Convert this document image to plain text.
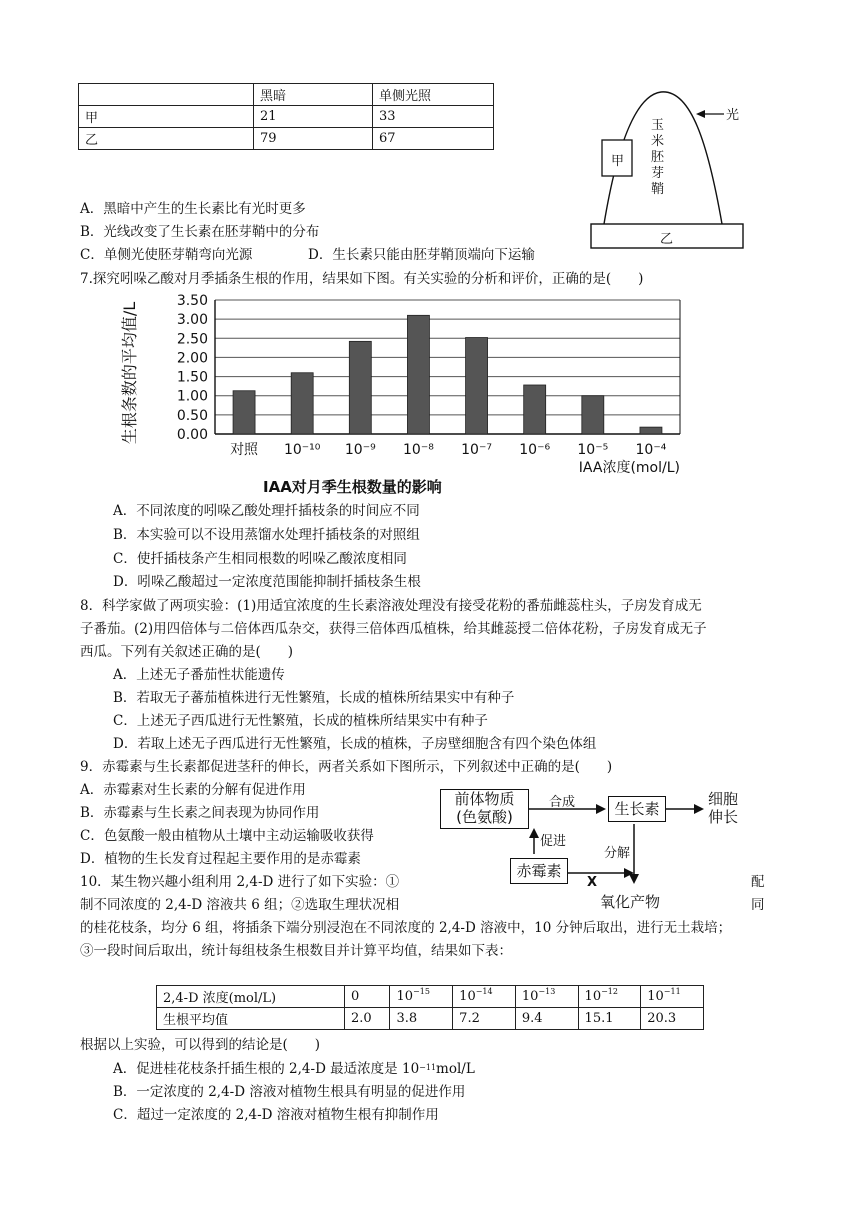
	黑暗	单侧光照
甲	21	33
乙	79	67
光
玉米胚芽鞘
甲
乙
A．黑暗中产生的生长素比有光时更多
B．光线改变了生长素在胚芽鞘中的分布
C．单侧光使胚芽鞘弯向光源	D．生长素只能由胚芽鞘顶端向下运输
7.探究吲哚乙酸对月季插条生根的作用，结果如下图。有关实验的分析和评价，正确的是(　　)
0.00
0.50
1.00
1.50
2.00
2.50
3.00
3.50
对照 10⁻¹⁰ 10⁻⁹ 10⁻⁸ 10⁻⁷ 10⁻⁶ 10⁻⁵ 10⁻⁴
生根条数的平均值/L
IAA浓度(mol/L)
IAA对月季生根数量的影响
A．不同浓度的吲哚乙酸处理扦插枝条的时间应不同
B．本实验可以不设用蒸馏水处理扦插枝条的对照组
C．使扦插枝条产生相同根数的吲哚乙酸浓度相同
D．吲哚乙酸超过一定浓度范围能抑制扦插枝条生根
8．科学家做了两项实验：(1)用适宜浓度的生长素溶液处理没有接受花粉的番茄雌蕊柱头，子房发育成无
子番茄。(2)用四倍体与二倍体西瓜杂交，获得三倍体西瓜植株，给其雌蕊授二倍体花粉，子房发育成无子
西瓜。下列有关叙述正确的是(　　)
A．上述无子番茄性状能遗传
B．若取无子蕃茄植株进行无性繁殖，长成的植株所结果实中有种子
C．上述无子西瓜进行无性繁殖，长成的植株所结果实中有种子
D．若取上述无子西瓜进行无性繁殖，长成的植株，子房壁细胞含有四个染色体组
9．赤霉素与生长素都促进茎秆的伸长，两者关系如下图所示，下列叙述中正确的是(　　)
A．赤霉素对生长素的分解有促进作用
B．赤霉素与生长素之间表现为协同作用
C．色氨酸一般由植物从土壤中主动运输吸收获得
D．植物的生长发育过程起主要作用的是赤霉素
前体物质
(色氨酸)
合成	生长素
细胞
伸长
促进
分解
赤霉素
X
氧化产物
10．某生物兴趣小组利用 2,4-D 进行了如下实验：①	配
制不同浓度的 2,4-D 溶液共 6 组；②选取生理状况相	同
的桂花枝条，均分 6 组，将插条下端分别浸泡在不同浓度的 2,4-D 溶液中，10 分钟后取出，进行无土栽培；
③一段时间后取出，统计每组枝条生根数目并计算平均值，结果如下表：
2,4-D 浓度(mol/L)	0	$10^{-15}$	$10^{-14}$	$10^{-13}$	$10^{-12}$	$10^{-11}$
生根平均值	2.0	3.8	7.2	9.4	15.1	20.3
根据以上实验，可以得到的结论是(　　)
A．促进桂花枝条扦插生根的 2,4-D 最适浓度是 $10^{-11}mol/L$
B．一定浓度的 2,4-D 溶液对植物生根具有明显的促进作用
C．超过一定浓度的 2,4-D 溶液对植物生根有抑制作用
